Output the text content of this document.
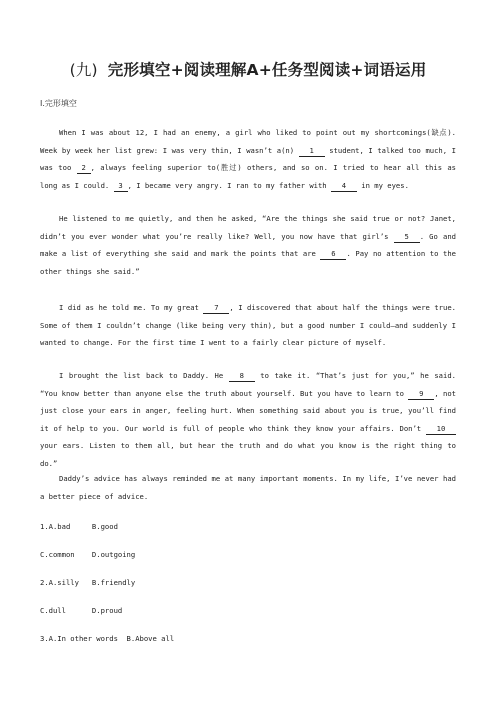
(九) 完形填空+阅读理解A+任务型阅读+词语运用
Ⅰ.完形填空
When I was about 12, I had an enemy, a girl who liked to point out my shortcomings(缺点). Week by week her list grew: I was very thin, I wasn’t a(n) 1 student, I talked too much, I was too 2 , always feeling superior to(胜过) others, and so on. I tried to hear all this as long as I could. 3 , I became very angry. I ran to my father with 4 in my eyes.
He listened to me quietly, and then he asked, “Are the things she said true or not? Janet, didn’t you ever wonder what you’re really like? Well, you now have that girl’s 5 . Go and make a list of everything she said and mark the points that are 6 . Pay no attention to the other things she said.”
I did as he told me. To my great 7 , I discovered that about half the things were true. Some of them I couldn’t change (like being very thin), but a good number I could—and suddenly I wanted to change. For the first time I went to a fairly clear picture of myself.
I brought the list back to Daddy. He 8 to take it. “That’s just for you,” he said. “You know better than anyone else the truth about yourself. But you have to learn to 9 , not just close your ears in anger, feeling hurt. When something said about you is true, you’ll find it of help to you. Our world is full of people who think they know your affairs. Don’t 10 your ears. Listen to them all, but hear the truth and do what you know is the right thing to do.”
Daddy’s advice has always reminded me at many important moments. In my life, I’ve never had a better piece of advice.
1.A.bad     B.good
C.common    D.outgoing
2.A.silly   B.friendly
C.dull      D.proud
3.A.In other words  B.Above all
